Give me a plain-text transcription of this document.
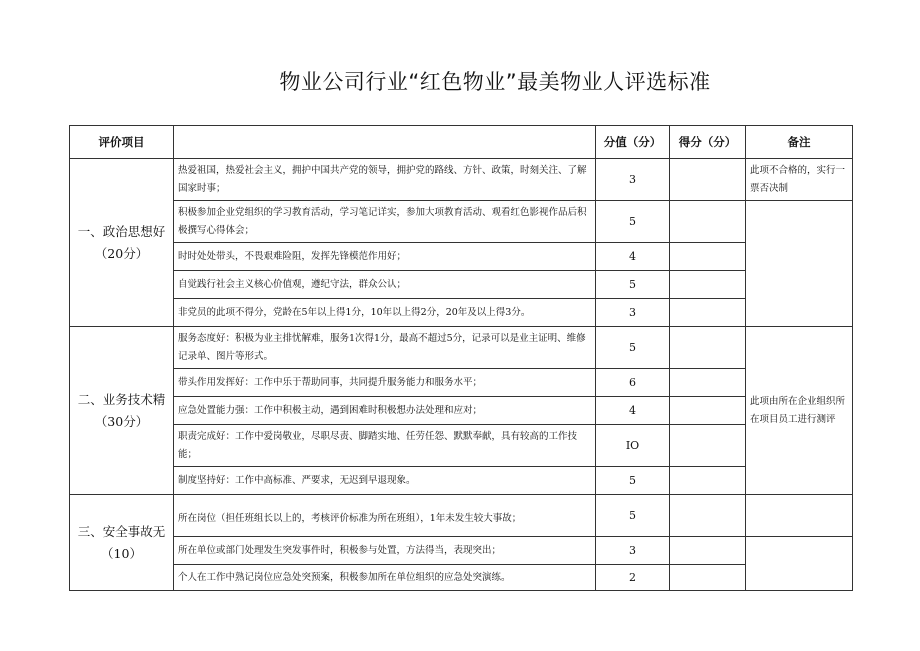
物业公司行业“红色物业”最美物业人评选标准
评价项目		分值（分）	得分（分）	备注

一、政治思想好
（20分）	热爱祖国，热爱社会主义，拥护中国共产党的领导，拥护党的路线、方针、政策，时刻关注、了解国家时事；	3		此项不合格的，实行一票否决制
	积极参加企业党组织的学习教育活动，学习笔记详实，参加大项教育活动、观看红色影视作品后积极撰写心得体会；	5		
	时时处处带头，不畏艰难险阻，发挥先锋模范作用好；	4		
	自觉践行社会主义核心价值观，遵纪守法，群众公认；	5		
	非党员的此项不得分，党龄在5年以上得1分，10年以上得2分，20年及以上得3分。	3		

二、业务技术精
（30分）	服务态度好：积极为业主排忧解难，服务1次得1分，最高不超过5分，记录可以是业主证明、维修记录单、图片等形式。	5		此项由所在企业组织所在项目员工进行测评
	带头作用发挥好：工作中乐于帮助同事，共同提升服务能力和服务水平；	6		
	应急处置能力强：工作中积极主动，遇到困难时积极想办法处理和应对；	4		
	职责完成好：工作中爱岗敬业，尽职尽责、脚踏实地、任劳任怨、默默奉献，具有较高的工作技能；	IO		
	制度坚持好：工作中高标准、严要求，无迟到早退现象。	5		

三、安全事故无
（10）	所在岗位（担任班组长以上的，考核评价标准为所在班组），1年未发生较大事故；	5		
	所在单位或部门处理发生突发事件时，积极参与处置，方法得当，表现突出；	3		
	个人在工作中熟记岗位应急处突预案，积极参加所在单位组织的应急处突演练。	2		
